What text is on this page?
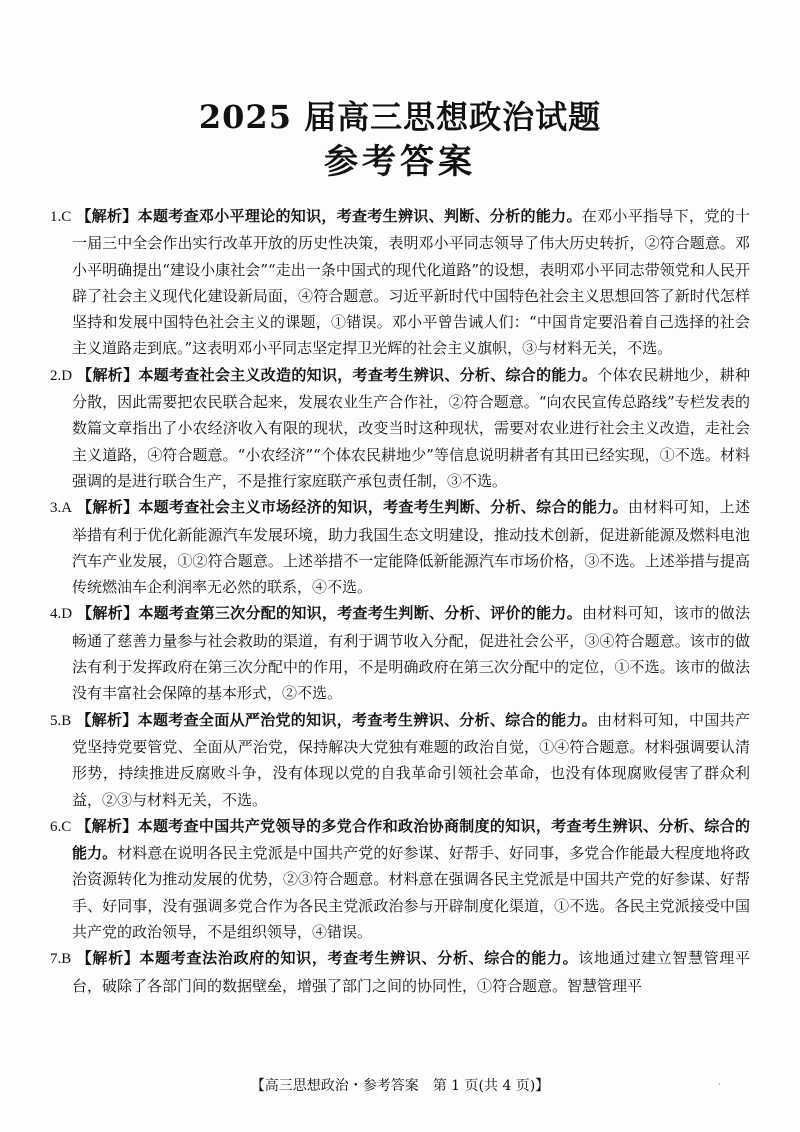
2025 届高三思想政治试题
参考答案

1.C 【解析】本题考查邓小平理论的知识，考查考生辨识、判断、分析的能力。在邓小平指导下，党的十一届三中全会作出实行改革开放的历史性决策，表明邓小平同志领导了伟大历史转折，②符合题意。邓小平明确提出“建设小康社会”“走出一条中国式的现代化道路”的设想，表明邓小平同志带领党和人民开辟了社会主义现代化建设新局面，④符合题意。习近平新时代中国特色社会主义思想回答了新时代怎样坚持和发展中国特色社会主义的课题，①错误。邓小平曾告诫人们：“中国肯定要沿着自己选择的社会主义道路走到底。”这表明邓小平同志坚定捍卫光辉的社会主义旗帜，③与材料无关，不选。

2.D 【解析】本题考查社会主义改造的知识，考查考生辨识、分析、综合的能力。个体农民耕地少，耕种分散，因此需要把农民联合起来，发展农业生产合作社，②符合题意。“向农民宣传总路线”专栏发表的数篇文章指出了小农经济收入有限的现状，改变当时这种现状，需要对农业进行社会主义改造，走社会主义道路，④符合题意。“小农经济”“个体农民耕地少”等信息说明耕者有其田已经实现，①不选。材料强调的是进行联合生产，不是推行家庭联产承包责任制，③不选。

3.A 【解析】本题考查社会主义市场经济的知识，考查考生判断、分析、综合的能力。由材料可知，上述举措有利于优化新能源汽车发展环境，助力我国生态文明建设，推动技术创新，促进新能源及燃料电池汽车产业发展，①②符合题意。上述举措不一定能降低新能源汽车市场价格，③不选。上述举措与提高传统燃油车企利润率无必然的联系，④不选。

4.D 【解析】本题考查第三次分配的知识，考查考生判断、分析、评价的能力。由材料可知，该市的做法畅通了慈善力量参与社会救助的渠道，有利于调节收入分配，促进社会公平，③④符合题意。该市的做法有利于发挥政府在第三次分配中的作用，不是明确政府在第三次分配中的定位，①不选。该市的做法没有丰富社会保障的基本形式，②不选。

5.B 【解析】本题考查全面从严治党的知识，考查考生辨识、分析、综合的能力。由材料可知，中国共产党坚持党要管党、全面从严治党，保持解决大党独有难题的政治自觉，①④符合题意。材料强调要认清形势，持续推进反腐败斗争，没有体现以党的自我革命引领社会革命，也没有体现腐败侵害了群众利益，②③与材料无关，不选。

6.C 【解析】本题考查中国共产党领导的多党合作和政治协商制度的知识，考查考生辨识、分析、综合的能力。材料意在说明各民主党派是中国共产党的好参谋、好帮手、好同事，多党合作能最大程度地将政治资源转化为推动发展的优势，②③符合题意。材料意在强调各民主党派是中国共产党的好参谋、好帮手、好同事，没有强调多党合作为各民主党派政治参与开辟制度化渠道，①不选。各民主党派接受中国共产党的政治领导，不是组织领导，④错误。

7.B 【解析】本题考查法治政府的知识，考查考生辨识、分析、综合的能力。该地通过建立智慧管理平台，破除了各部门间的数据壁垒，增强了部门之间的协同性，①符合题意。智慧管理平

【高三思想政治・参考答案　第 1 页(共 4 页)】	·
